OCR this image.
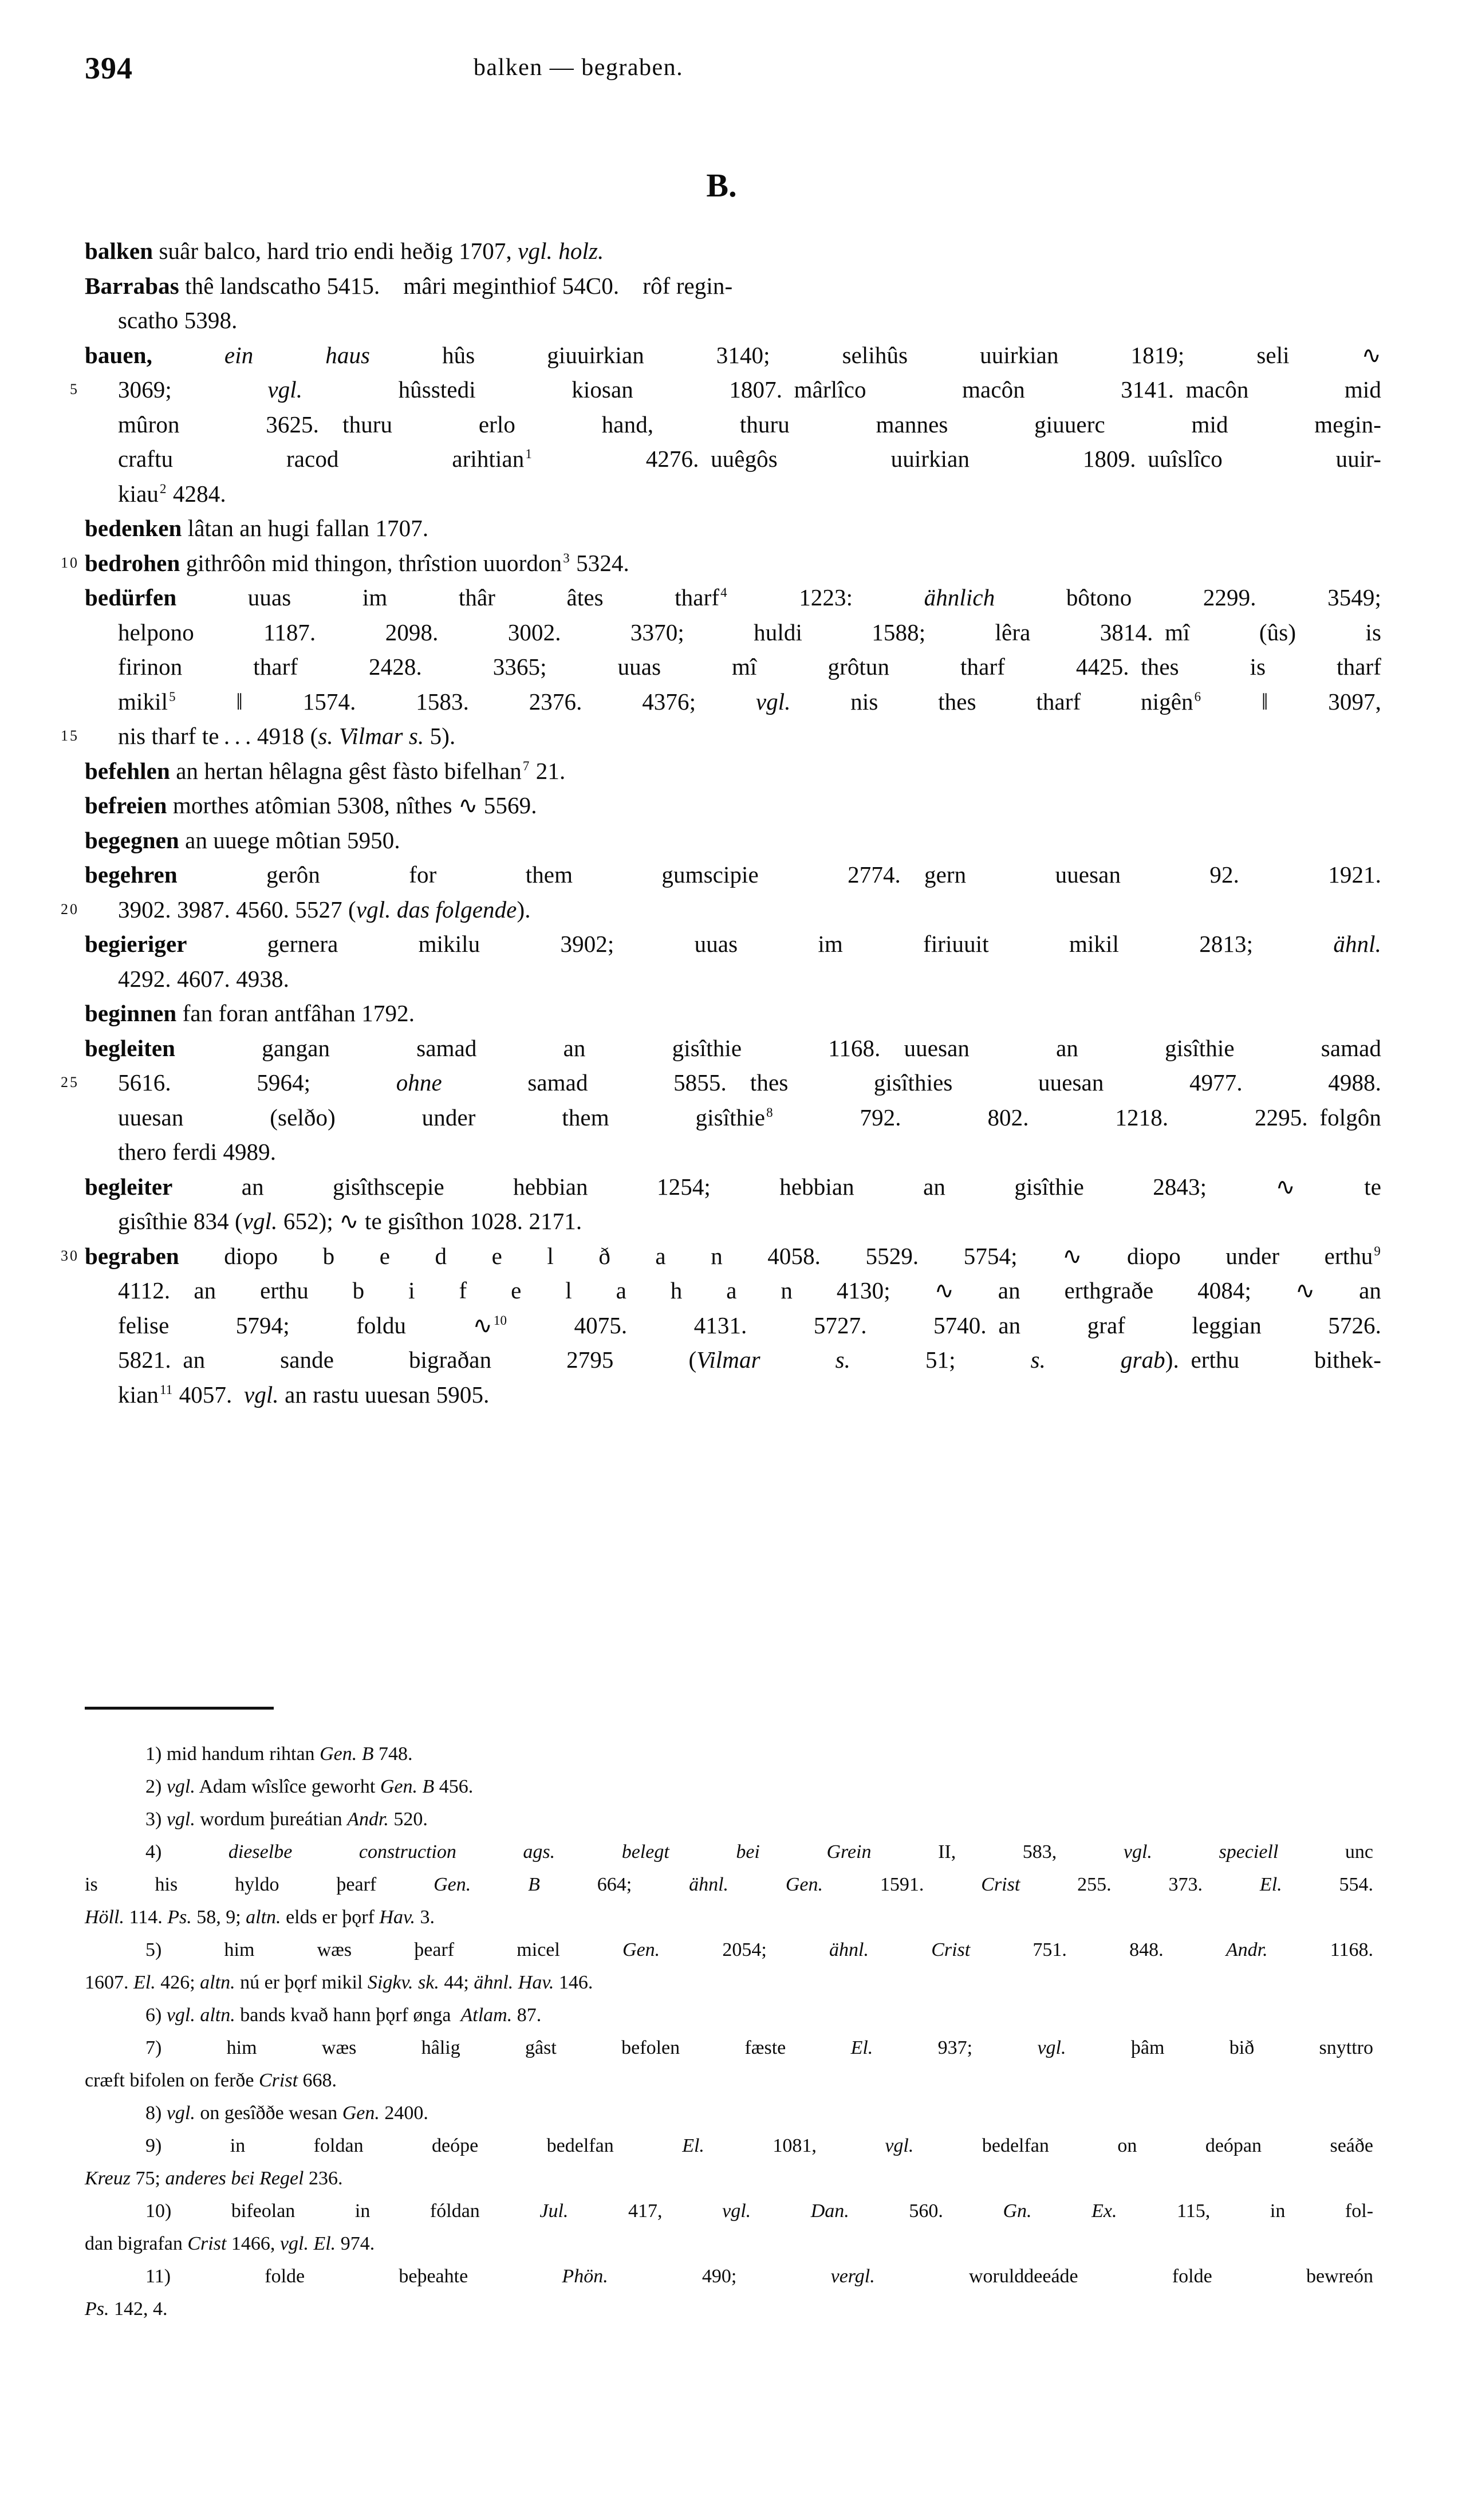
394	balken — begraben.
B.
balken suâr balco, hard trio endi heðig 1707, vgl. holz.
Barrabas thê landscatho 5415. mâri meginthiof 54C0. rôf regin-
scatho 5398.
bauen,	ein haus hûs giuuirkian 3140; selihûs uuirkian 1819; seli ∿
5 3069; vgl. hûsstedi kiosan 1807. mârlîco macôn 3141. macôn mid
mûron 3625. thuru erlo hand, thuru mannes giuuerc mid megin-
craftu racod arihtian$^1$ 4276. uuêgôs uuirkian 1809. uuîslîco uuir-
kiau$^2$ 4284.
bedenken lâtan an hugi fallan 1707.
10 bedrohen githrôôn mid thingon, thrîstion uuordon$^3$ 5324.
bedürfen uuas im thâr âtes tharf$^4$ 1223: ähnlich bôtono 2299. 3549;
helpono 1187. 2098. 3002. 3370; huldi 1588; lêra 3814. mî (ûs) is
firinon tharf 2428. 3365; uuas mî grôtun tharf 4425. thes is tharf
mikil$^5$ ‖ 1574. 1583. 2376. 4376; vgl. nis thes tharf nigên$^6$ ‖ 3097,
15 nis tharf te . . . 4918 (s. Vilmar s. 5).
befehlen an hertan hêlagna gêst fàsto bifelhan$^7$ 21.
befreien morthes atômian 5308, nîthes ∿ 5569.
begegnen an uuege môtian 5950.
begehren gerôn for them gumscipie 2774. gern uuesan 92. 1921.
20 3902. 3987. 4560. 5527 (vgl. das folgende).
begieriger gernera mikilu 3902; uuas im firiuuit mikil 2813; ähnl.
4292. 4607. 4938.
beginnen fan foran antfâhan 1792.
begleiten gangan samad an gisîthie 1168. uuesan an gisîthie samad
25 5616. 5964; ohne samad 5855. thes gisîthies uuesan 4977. 4988.
uuesan (selðo) under them gisîthie$^8$ 792. 802. 1218. 2295. folgôn
thero ferdi 4989.
begleiter an gisîthscepie hebbian 1254; hebbian an gisîthie 2843; ∿ te
gisîthie 834 (vgl. 652); ∿ te gisîthon 1028. 2171.
30 begraben diopo b e d e l ð a n 4058. 5529. 5754; ∿ diopo under erthu$^9$
4112. an erthu b i f e l a h a n 4130; ∿ an erthgraðe 4084; ∿ an
felise 5794; foldu ∿$^{10}$ 4075. 4131. 5727. 5740. an graf leggian 5726.
5821. an sande bigraðan 2795 (Vilmar s. 51; s. grab). erthu bithek-
kian$^{11}$ 4057. vgl. an rastu uuesan 5905.
1) mid handum rihtan Gen. B 748.
2) vgl. Adam wîslîce geworht Gen. B 456.
3) vgl. wordum þureátian Andr. 520.
4) dieselbe construction ags. belegt bei Grein II, 583, vgl. speciell unc
is his hyldo þearf Gen. B 664; ähnl. Gen. 1591. Crist 255. 373. El. 554.
Höll. 114. Ps. 58, 9; altn. elds er þǫrf Hav. 3.
5) him wæs þearf micel Gen. 2054; ähnl. Crist 751. 848. Andr. 1168.
1607. El. 426; altn. nú er þǫrf mikil Sigkv. sk. 44; ähnl. Hav. 146.
6) vgl. altn. bands kvað hann þǫrf ønga Atlam. 87.
7) him wæs hâlig gâst befolen fæste El. 937; vgl. þâm bið snyttro
cræft bifolen on ferðe Crist 668.
8) vgl. on gesîððe wesan Gen. 2400.
9) in foldan deópe bedelfan El. 1081, vgl. bedelfan on deópan seáðe
Kreuz 75; anderes bєi Regel 236.
10) bifeolan in fóldan Jul. 417, vgl. Dan. 560. Gn. Ex. 115, in fol-
dan bigrafan Crist 1466, vgl. El. 974.
11) folde beþeahte Phön. 490; vergl. worulddeeáde folde bewreón
Ps. 142, 4.
